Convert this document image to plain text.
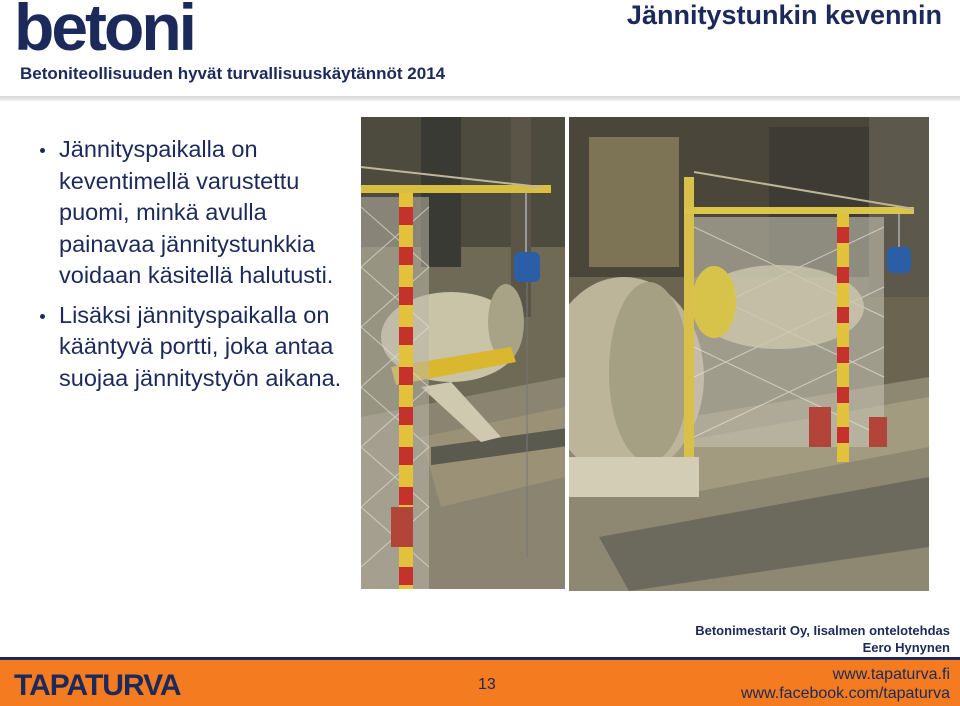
betoni
Betoniteollisuuden hyvät turvallisuuskäytännöt 2014
Jännitystunkin kevennin
Jännityspaikalla on keventimellä varustettu puomi, minkä avulla painavaa jännitystunkkia voidaan käsitellä halutusti.
Lisäksi jännityspaikalla on kääntyvä portti, joka antaa suojaa jännitystyön aikana.
Betonimestarit Oy, Iisalmen ontelotehdas
Eero Hynynen
TAPATURVA	13
www.tapaturva.fi
www.facebook.com/tapaturva
